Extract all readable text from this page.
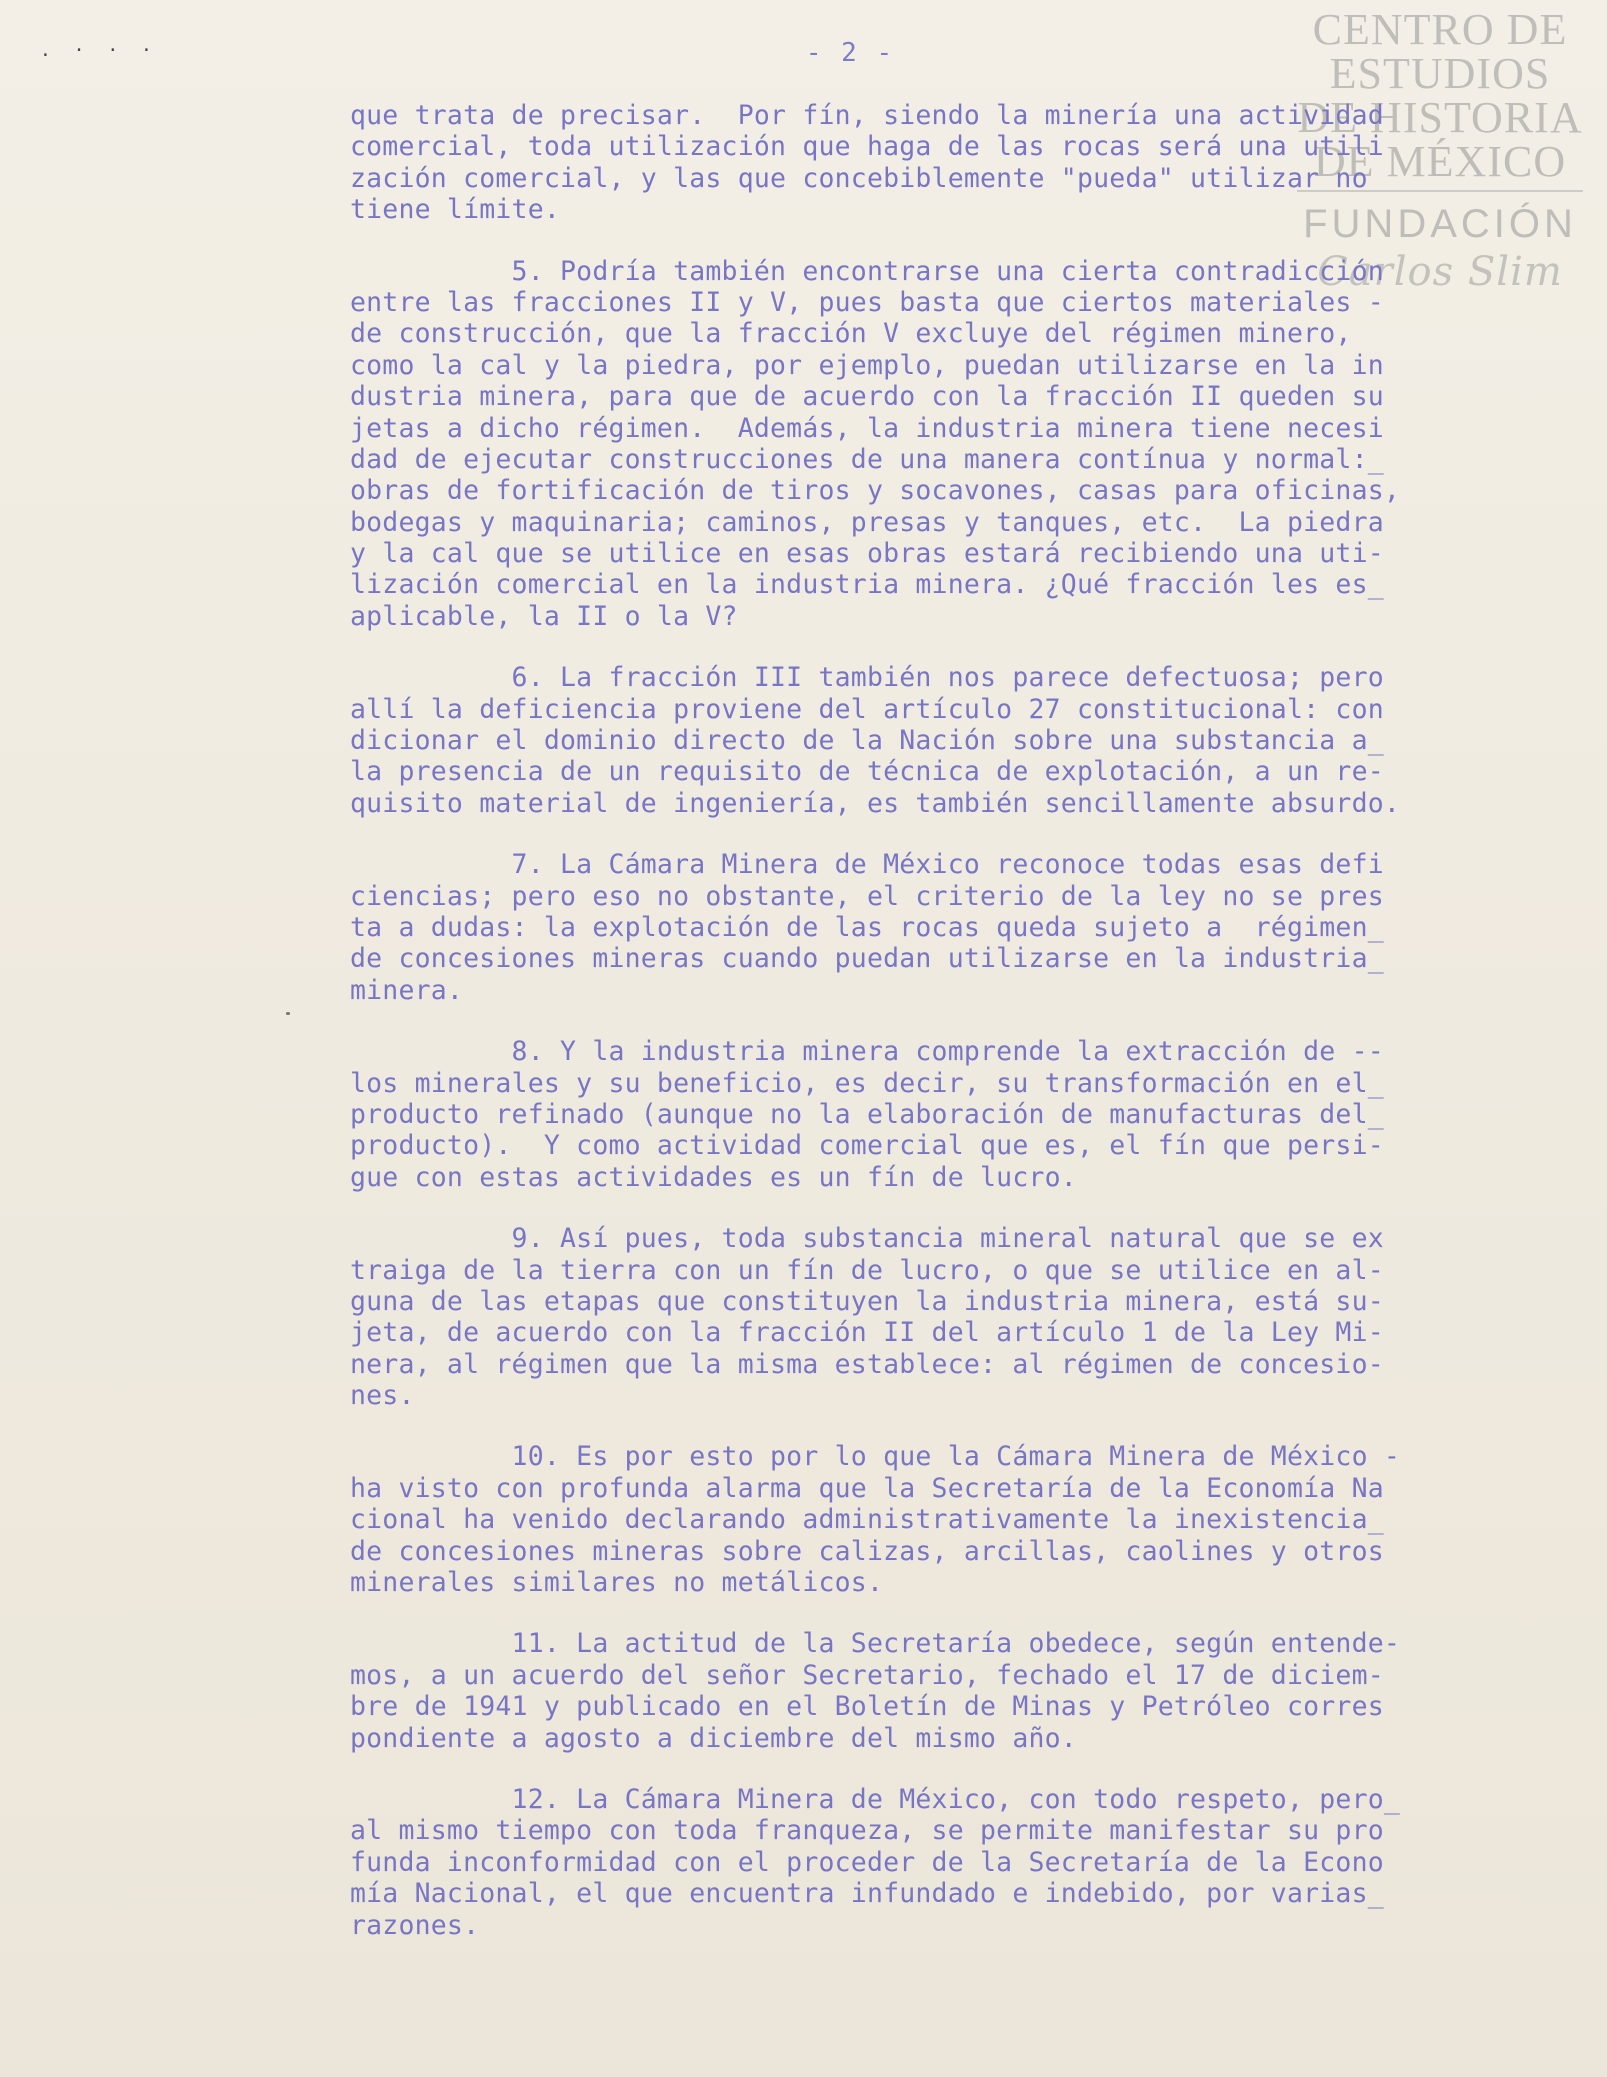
. · · ·	- 2 -	CENTRO DE
ESTUDIOS
DE HISTORIA
DE MÉXICO
FUNDACIÓN
Carlos Slim
que trata de precisar.  Por fín, siendo la minería una actividad
comercial, toda utilización que haga de las rocas será una utili
zación comercial, y las que concebiblemente "pueda" utilizar no
tiene límite.
5. Podría también encontrarse una cierta contradicción
entre las fracciones II y V, pues basta que ciertos materiales -
de construcción, que la fracción V excluye del régimen minero,
como la cal y la piedra, por ejemplo, puedan utilizarse en la in
dustria minera, para que de acuerdo con la fracción II queden su
jetas a dicho régimen.  Además, la industria minera tiene necesi
dad de ejecutar construcciones de una manera contínua y normal:_
obras de fortificación de tiros y socavones, casas para oficinas,
bodegas y maquinaria; caminos, presas y tanques, etc.  La piedra
y la cal que se utilice en esas obras estará recibiendo una uti-
lización comercial en la industria minera. ¿Qué fracción les es_
aplicable, la II o la V?
6. La fracción III también nos parece defectuosa; pero
allí la deficiencia proviene del artículo 27 constitucional: con
dicionar el dominio directo de la Nación sobre una substancia a_
la presencia de un requisito de técnica de explotación, a un re-
quisito material de ingeniería, es también sencillamente absurdo.
7. La Cámara Minera de México reconoce todas esas defi
ciencias; pero eso no obstante, el criterio de la ley no se pres
ta a dudas: la explotación de las rocas queda sujeto a  régimen_
de concesiones mineras cuando puedan utilizarse en la industria_
minera.
8. Y la industria minera comprende la extracción de --
los minerales y su beneficio, es decir, su transformación en el_
producto refinado (aunque no la elaboración de manufacturas del_
producto).  Y como actividad comercial que es, el fín que persi-
gue con estas actividades es un fín de lucro.
9. Así pues, toda substancia mineral natural que se ex
traiga de la tierra con un fín de lucro, o que se utilice en al-
guna de las etapas que constituyen la industria minera, está su-
jeta, de acuerdo con la fracción II del artículo 1 de la Ley Mi-
nera, al régimen que la misma establece: al régimen de concesio-
nes.
10. Es por esto por lo que la Cámara Minera de México -
ha visto con profunda alarma que la Secretaría de la Economía Na
cional ha venido declarando administrativamente la inexistencia_
de concesiones mineras sobre calizas, arcillas, caolines y otros
minerales similares no metálicos.
11. La actitud de la Secretaría obedece, según entende-
mos, a un acuerdo del señor Secretario, fechado el 17 de diciem-
bre de 1941 y publicado en el Boletín de Minas y Petróleo corres
pondiente a agosto a diciembre del mismo año.
12. La Cámara Minera de México, con todo respeto, pero_
al mismo tiempo con toda franqueza, se permite manifestar su pro
funda inconformidad con el proceder de la Secretaría de la Econo
mía Nacional, el que encuentra infundado e indebido, por varias_
razones.
